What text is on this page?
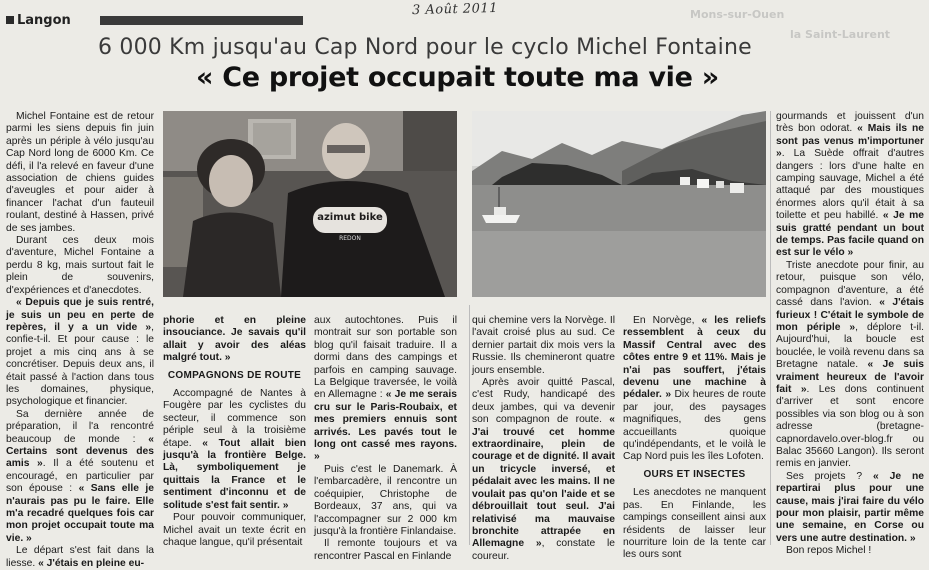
Langon
3 Août 2011	Mons-sur-Ouen
la Saint-Laurent
6 000 Km jusqu'au Cap Nord pour le cyclo Michel Fontaine
« Ce projet occupait toute ma vie »
azimut bike
REDON

Michel Fontaine est de retour parmi les siens depuis fin juin après un périple à vélo jusqu'au Cap Nord long de 6000 Km. Ce défi, il l'a relevé en faveur d'une association de chiens guides d'aveugles et pour aider à financer l'achat d'un fauteuil roulant, destiné à Hassen, privé de ses jambes.

Durant ces deux mois d'aventure, Michel Fontaine a perdu 8 kg, mais surtout fait le plein de souvenirs, d'expériences et d'anecdotes.

« Depuis que je suis rentré, je suis un peu en perte de repères, il y a un vide », confie-t-il. Et pour cause : le projet a mis cinq ans à se concrétiser. Depuis deux ans, il était passé à l'action dans tous les domaines, physique, psychologique et financier.

Sa dernière année de préparation, il l'a rencontré beaucoup de monde : « Certains sont devenus des amis ». Il a été soutenu et encouragé, en particulier par son épouse : « Sans elle je n'aurais pas pu le faire. Elle m'a recadré quelques fois car mon projet occupait toute ma vie. »

Le départ s'est fait dans la liesse. « J'étais en pleine eu-

phorie et en pleine insouciance. Je savais qu'il allait y avoir des aléas malgré tout. »

COMPAGNONS DE ROUTE

Accompagné de Nantes à Fougère par les cyclistes du secteur, il commence son périple seul à la troisième étape. « Tout allait bien jusqu'à la frontière Belge. Là, symboliquement je quittais la France et le sentiment d'inconnu et de solitude s'est fait sentir. »

Pour pouvoir communiquer, Michel avait un texte écrit en chaque langue, qu'il présentait

aux autochtones. Puis il montrait sur son portable son blog qu'il faisait traduire. Il a dormi dans des campings et parfois en camping sauvage. La Belgique traversée, le voilà en Allemagne : « Je me serais cru sur le Paris-Roubaix, et mes premiers ennuis sont arrivés. Les pavés tout le long ont cassé mes rayons. »

Puis c'est le Danemark. À l'embarcadère, il rencontre un coéquipier, Christophe de Bordeaux, 37 ans, qui va l'accompagner sur 2 000 km jusqu'à la frontière Finlandaise.

Il remonte toujours et va rencontrer Pascal en Finlande

qui chemine vers la Norvège. Il l'avait croisé plus au sud. Ce dernier partait dix mois vers la Russie. Ils chemineront quatre jours ensemble.

Après avoir quitté Pascal, c'est Rudy, handicapé des deux jambes, qui va devenir son compagnon de route. « J'ai trouvé cet homme extraordinaire, plein de courage et de dignité. Il avait un tricycle inversé, et pédalait avec les mains. Il ne voulait pas qu'on l'aide et se débrouillait tout seul. J'ai relativisé ma mauvaise bronchite attrapée en Allemagne », constate le coureur.

En Norvège, « les reliefs ressemblent à ceux du Massif Central avec des côtes entre 9 et 11%. Mais je n'ai pas souffert, j'étais devenu une machine à pédaler. » Dix heures de route par jour, des paysages magnifiques, des gens accueillants quoique qu'indépendants, et le voilà le Cap Nord puis les îles Lofoten.

OURS ET INSECTES

Les anecdotes ne manquent pas. En Finlande, les campings conseillent ainsi aux résidents de laisser leur nourriture loin de la tente car les ours sont

gourmands et jouissent d'un très bon odorat. « Mais ils ne sont pas venus m'importuner ». La Suède offrait d'autres dangers : lors d'une halte en camping sauvage, Michel a été attaqué par des moustiques énormes alors qu'il était à sa toilette et peu habillé. « Je me suis gratté pendant un bout de temps. Pas facile quand on est sur le vélo »

Triste anecdote pour finir, au retour, puisque son vélo, compagnon d'aventure, a été cassé dans l'avion. « J'étais furieux ! C'était le symbole de mon périple », déplore t-il. Aujourd'hui, la boucle est bouclée, le voilà revenu dans sa Bretagne natale. « Je suis vraiment heureux de l'avoir fait ». Les dons continuent d'arriver et sont encore possibles via son blog ou à son adresse (bretagne-capnordavelo.over-blog.fr ou Balac 35660 Langon). Ils seront remis en janvier.

Ses projets ? « Je ne repartirai plus pour une cause, mais j'irai faire du vélo pour mon plaisir, partir même une semaine, en Corse ou vers une autre destination. »

Bon repos Michel !
